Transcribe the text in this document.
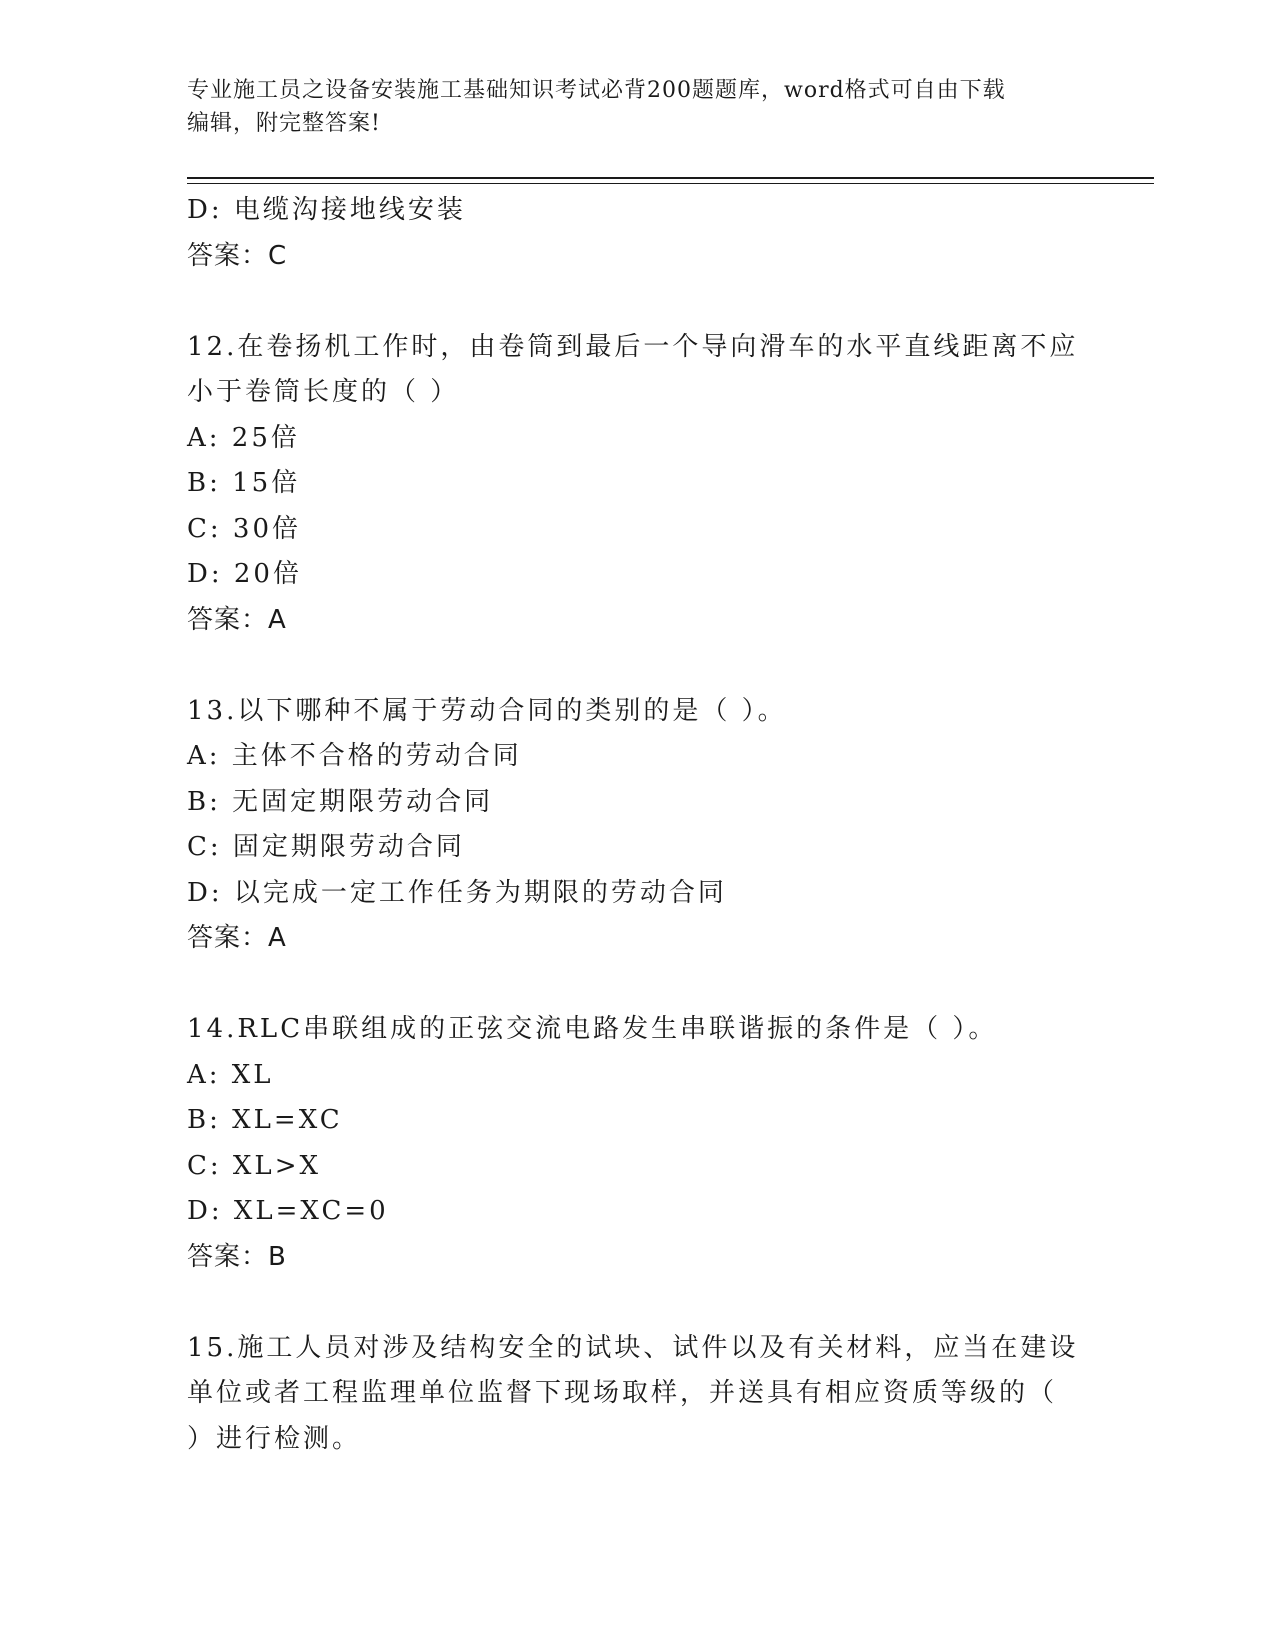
专业施工员之设备安装施工基础知识考试必背200题题库，word格式可自由下载
编辑，附完整答案!
D: 电缆沟接地线安装
答案：C
12.在卷扬机工作时，由卷筒到最后一个导向滑车的水平直线距离不应
小于卷筒长度的（ ）
A: 25倍
B: 15倍
C: 30倍
D: 20倍
答案：A
13.以下哪种不属于劳动合同的类别的是（ ）。
A: 主体不合格的劳动合同
B: 无固定期限劳动合同
C: 固定期限劳动合同
D: 以完成一定工作任务为期限的劳动合同
答案：A
14.RLC串联组成的正弦交流电路发生串联谐振的条件是（ ）。
A: XL
B: XL=XC
C: XL>X
D: XL=XC=0
答案：B
15.施工人员对涉及结构安全的试块、试件以及有关材料，应当在建设
单位或者工程监理单位监督下现场取样，并送具有相应资质等级的（
）进行检测。
